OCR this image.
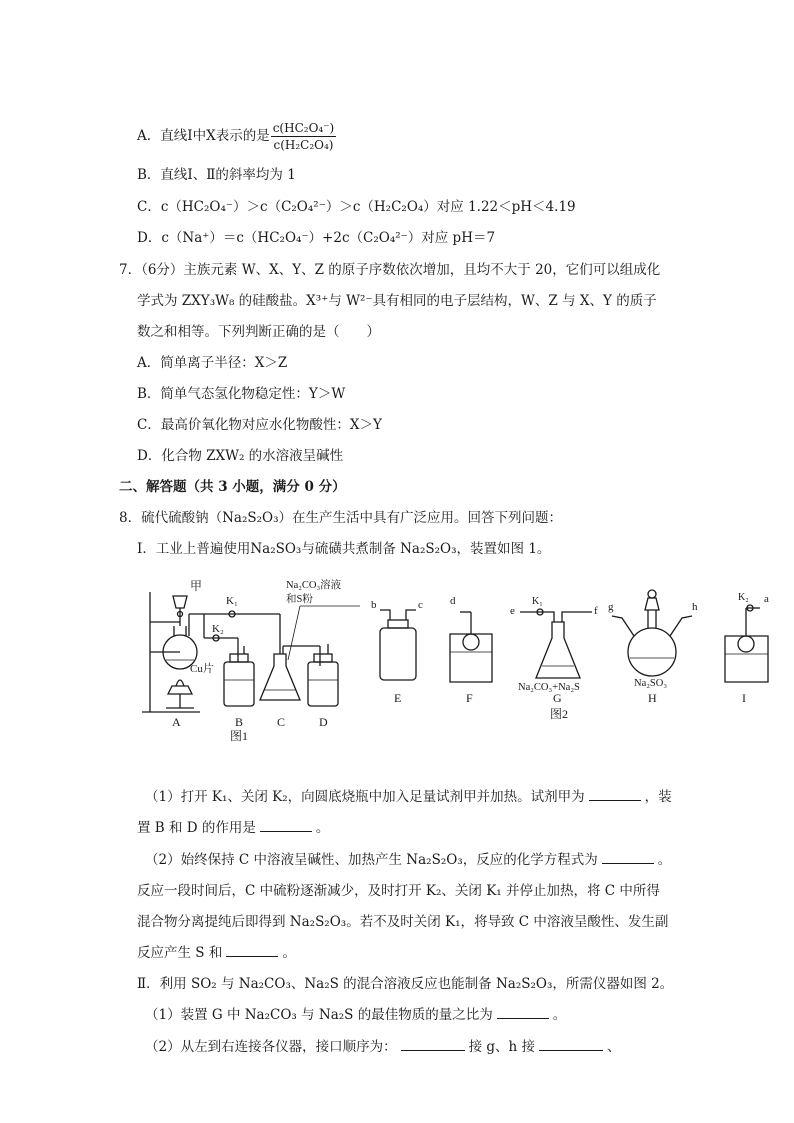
A．直线Ⅰ中X表示的是 $\frac{\text{c(HC₂O₄⁻)}}{\text{c(H₂C₂O₄)}}$
B．直线Ⅰ、Ⅱ的斜率均为 1
C．c（HC₂O₄⁻）＞c（C₂O₄²⁻）＞c（H₂C₂O₄）对应 1.22＜pH＜4.19
D．c（Na⁺）＝c（HC₂O₄⁻）+2c（C₂O₄²⁻）对应 pH＝7
7．（6分）主族元素 W、X、Y、Z 的原子序数依次增加，且均不大于 20，它们可以组成化
学式为 ZXY₃W₈ 的硅酸盐。X³⁺与 W²⁻具有相同的电子层结构，W、Z 与 X、Y 的质子
数之和相等。下列判断正确的是（　　）
A．简单离子半径：X＞Z
B．简单气态氢化物稳定性：Y＞W
C．最高价氧化物对应水化物酸性：X＞Y
D．化合物 ZXW₂ 的水溶液呈碱性
二、解答题（共 3 小题，满分 0 分）
8．硫代硫酸钠（Na₂S₂O₃）在生产生活中具有广泛应用。回答下列问题：
Ⅰ．工业上普遍使用Na₂SO₃与硫磺共煮制备 Na₂S₂O₃，装置如图 1。
甲
K₁
K₂
Cu片
Na₂CO₃溶液
和S粉
A	B	C	D
图1
b	c d
e
K₁
f g	h
K₂ a
Na₂CO₃+Na₂S	Na₂SO₃
E	F	G	H	I
图2
（1）打开 K₁、关闭 K₂，向圆底烧瓶中加入足量试剂甲并加热。试剂甲为	，装
置 B 和 D 的作用是	。
（2）始终保持 C 中溶液呈碱性、加热产生 Na₂S₂O₃，反应的化学方程式为	。
反应一段时间后，C 中硫粉逐渐减少，及时打开 K₂、关闭 K₁ 并停止加热，将 C 中所得
混合物分离提纯后即得到 Na₂S₂O₃。若不及时关闭 K₁，将导致 C 中溶液呈酸性、发生副
反应产生 S 和	。
Ⅱ．利用 SO₂ 与 Na₂CO₃、Na₂S 的混合溶液反应也能制备 Na₂S₂O₃，所需仪器如图 2。
（1）装置 G 中 Na₂CO₃ 与 Na₂S 的最佳物质的量之比为	。
（2）从左到右连接各仪器，接口顺序为：	接 g、h 接	、
